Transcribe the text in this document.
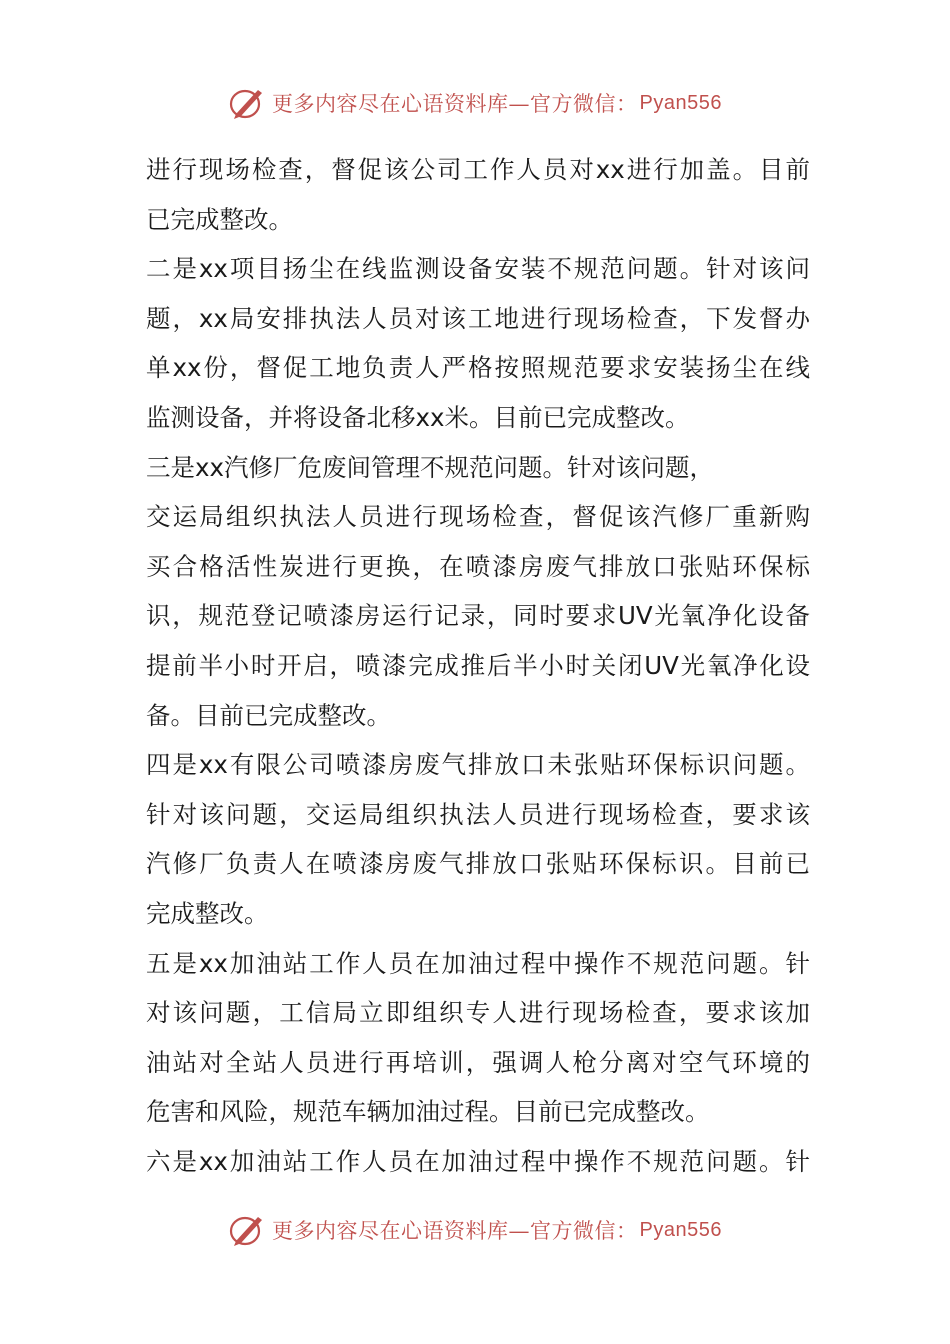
更多内容尽在心语资料库—官方微信： Pyan556
进行现场检查，督促该公司工作人员对xx进行加盖。目前
已完成整改。
二是xx项目扬尘在线监测设备安装不规范问题。针对该问
题，xx局安排执法人员对该工地进行现场检查，下发督办
单xx份，督促工地负责人严格按照规范要求安装扬尘在线
监测设备，并将设备北移xx米。目前已完成整改。
三是xx汽修厂危废间管理不规范问题。针对该问题，
交运局组织执法人员进行现场检查，督促该汽修厂重新购
买合格活性炭进行更换，在喷漆房废气排放口张贴环保标
识，规范登记喷漆房运行记录，同时要求UV光氧净化设备
提前半小时开启，喷漆完成推后半小时关闭UV光氧净化设
备。目前已完成整改。
四是xx有限公司喷漆房废气排放口未张贴环保标识问题。
针对该问题，交运局组织执法人员进行现场检查，要求该
汽修厂负责人在喷漆房废气排放口张贴环保标识。目前已
完成整改。
五是xx加油站工作人员在加油过程中操作不规范问题。针
对该问题，工信局立即组织专人进行现场检查，要求该加
油站对全站人员进行再培训，强调人枪分离对空气环境的
危害和风险，规范车辆加油过程。目前已完成整改。
六是xx加油站工作人员在加油过程中操作不规范问题。针
更多内容尽在心语资料库—官方微信： Pyan556
